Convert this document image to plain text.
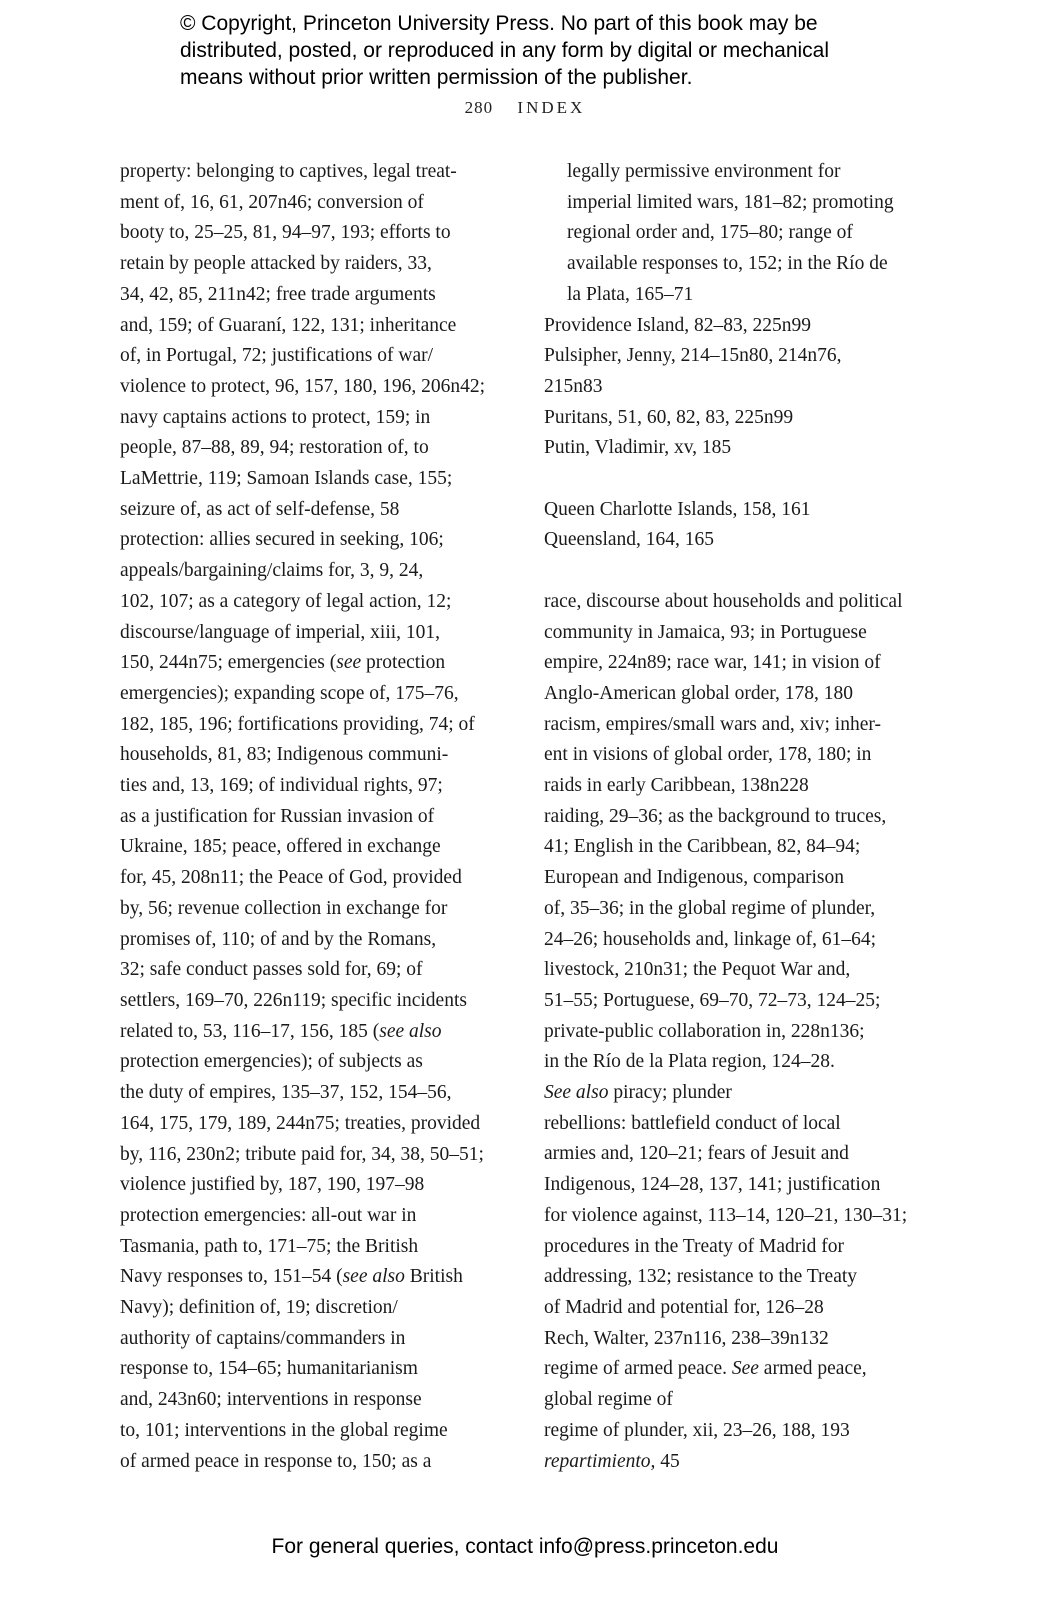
© Copyright, Princeton University Press. No part of this book may be
distributed, posted, or reproduced in any form by digital or mechanical
means without prior written permission of the publisher.
280 INDEX
property: belonging to captives, legal treat-
ment of, 16, 61, 207n46; conversion of
booty to, 25–25, 81, 94–97, 193; efforts to
retain by people attacked by raiders, 33,
34, 42, 85, 211n42; free trade arguments
and, 159; of Guaraní, 122, 131; inheritance
of, in Portugal, 72; justifications of war/
violence to protect, 96, 157, 180, 196, 206n42;
navy captains actions to protect, 159; in
people, 87–88, 89, 94; restoration of, to
LaMettrie, 119; Samoan Islands case, 155;
seizure of, as act of self-defense, 58
protection: allies secured in seeking, 106;
appeals/bargaining/claims for, 3, 9, 24,
102, 107; as a category of legal action, 12;
discourse/language of imperial, xiii, 101,
150, 244n75; emergencies (see protection
emergencies); expanding scope of, 175–76,
182, 185, 196; fortifications providing, 74; of
households, 81, 83; Indigenous communi-
ties and, 13, 169; of individual rights, 97;
as a justification for Russian invasion of
Ukraine, 185; peace, offered in exchange
for, 45, 208n11; the Peace of God, provided
by, 56; revenue collection in exchange for
promises of, 110; of and by the Romans,
32; safe conduct passes sold for, 69; of
settlers, 169–70, 226n119; specific incidents
related to, 53, 116–17, 156, 185 (see also
protection emergencies); of subjects as
the duty of empires, 135–37, 152, 154–56,
164, 175, 179, 189, 244n75; treaties, provided
by, 116, 230n2; tribute paid for, 34, 38, 50–51;
violence justified by, 187, 190, 197–98
protection emergencies: all-out war in
Tasmania, path to, 171–75; the British
Navy responses to, 151–54 (see also British
Navy); definition of, 19; discretion/
authority of captains/commanders in
response to, 154–65; humanitarianism
and, 243n60; interventions in response
to, 101; interventions in the global regime
of armed peace in response to, 150; as a
legally permissive environment for
imperial limited wars, 181–82; promoting
regional order and, 175–80; range of
available responses to, 152; in the Río de
la Plata, 165–71
Providence Island, 82–83, 225n99
Pulsipher, Jenny, 214–15n80, 214n76,
215n83
Puritans, 51, 60, 82, 83, 225n99
Putin, Vladimir, xv, 185
Queen Charlotte Islands, 158, 161
Queensland, 164, 165
race, discourse about households and political
community in Jamaica, 93; in Portuguese
empire, 224n89; race war, 141; in vision of
Anglo-American global order, 178, 180
racism, empires/small wars and, xiv; inher-
ent in visions of global order, 178, 180; in
raids in early Caribbean, 138n228
raiding, 29–36; as the background to truces,
41; English in the Caribbean, 82, 84–94;
European and Indigenous, comparison
of, 35–36; in the global regime of plunder,
24–26; households and, linkage of, 61–64;
livestock, 210n31; the Pequot War and,
51–55; Portuguese, 69–70, 72–73, 124–25;
private-public collaboration in, 228n136;
in the Río de la Plata region, 124–28.
See also piracy; plunder
rebellions: battlefield conduct of local
armies and, 120–21; fears of Jesuit and
Indigenous, 124–28, 137, 141; justification
for violence against, 113–14, 120–21, 130–31;
procedures in the Treaty of Madrid for
addressing, 132; resistance to the Treaty
of Madrid and potential for, 126–28
Rech, Walter, 237n116, 238–39n132
regime of armed peace. See armed peace,
global regime of
regime of plunder, xii, 23–26, 188, 193
repartimiento, 45
For general queries, contact info@press.princeton.edu
